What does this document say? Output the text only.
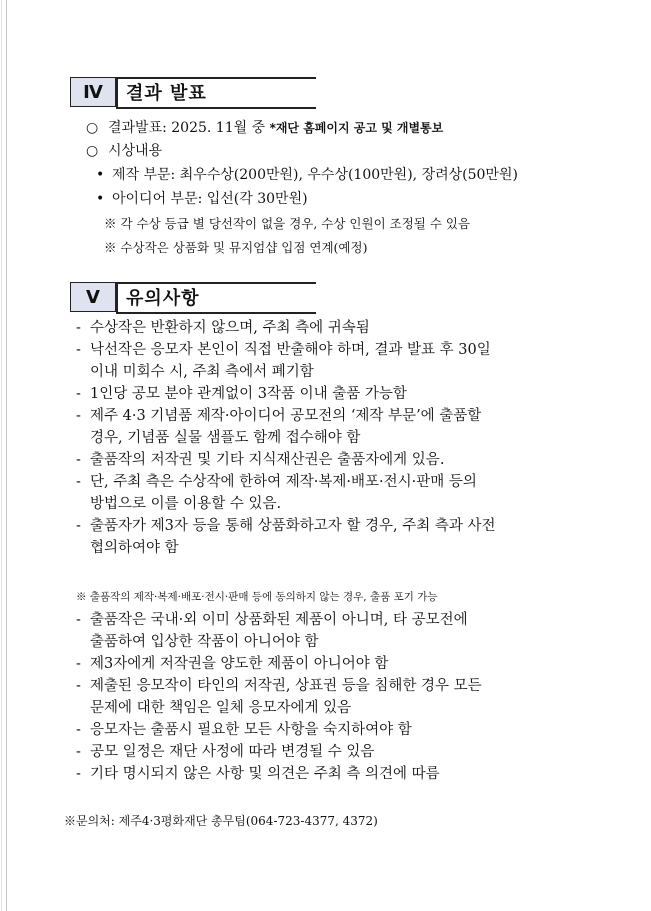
Ⅳ	결과 발표
○ 결과발표: 2025. 11월 중 *재단 홈페이지 공고 및 개별통보
○ 시상내용
• 제작 부문: 최우수상(200만원), 우수상(100만원), 장려상(50만원)
• 아이디어 부문: 입선(각 30만원)
※ 각 수상 등급 별 당선작이 없을 경우, 수상 인원이 조정될 수 있음
※ 수상작은 상품화 및 뮤지엄샵 입점 연계(예정)
Ⅴ	유의사항
- 수상작은 반환하지 않으며, 주최 측에 귀속됨
- 낙선작은 응모자 본인이 직접 반출해야 하며, 결과 발표 후 30일
이내 미회수 시, 주최 측에서 폐기함
- 1인당 공모 분야 관계없이 3작품 이내 출품 가능함
- 제주 4·3 기념품 제작·아이디어 공모전의 ‘제작 부문’에 출품할
경우, 기념품 실물 샘플도 함께 접수해야 함
- 출품작의 저작권 및 기타 지식재산권은 출품자에게 있음.
- 단, 주최 측은 수상작에 한하여 제작·복제·배포·전시·판매 등의
방법으로 이를 이용할 수 있음.
- 출품자가 제3자 등을 통해 상품화하고자 할 경우, 주최 측과 사전
협의하여야 함
※ 출품작의 제작·복제·배포·전시·판매 등에 동의하지 않는 경우, 출품 포기 가능
- 출품작은 국내·외 이미 상품화된 제품이 아니며, 타 공모전에
출품하여 입상한 작품이 아니어야 함
- 제3자에게 저작권을 양도한 제품이 아니어야 함
- 제출된 응모작이 타인의 저작권, 상표권 등을 침해한 경우 모든
문제에 대한 책임은 일체 응모자에게 있음
- 응모자는 출품시 필요한 모든 사항을 숙지하여야 함
- 공모 일정은 재단 사정에 따라 변경될 수 있음
- 기타 명시되지 않은 사항 및 의견은 주최 측 의견에 따름
※문의처: 제주4·3평화재단 총무팀(064-723-4377, 4372)
